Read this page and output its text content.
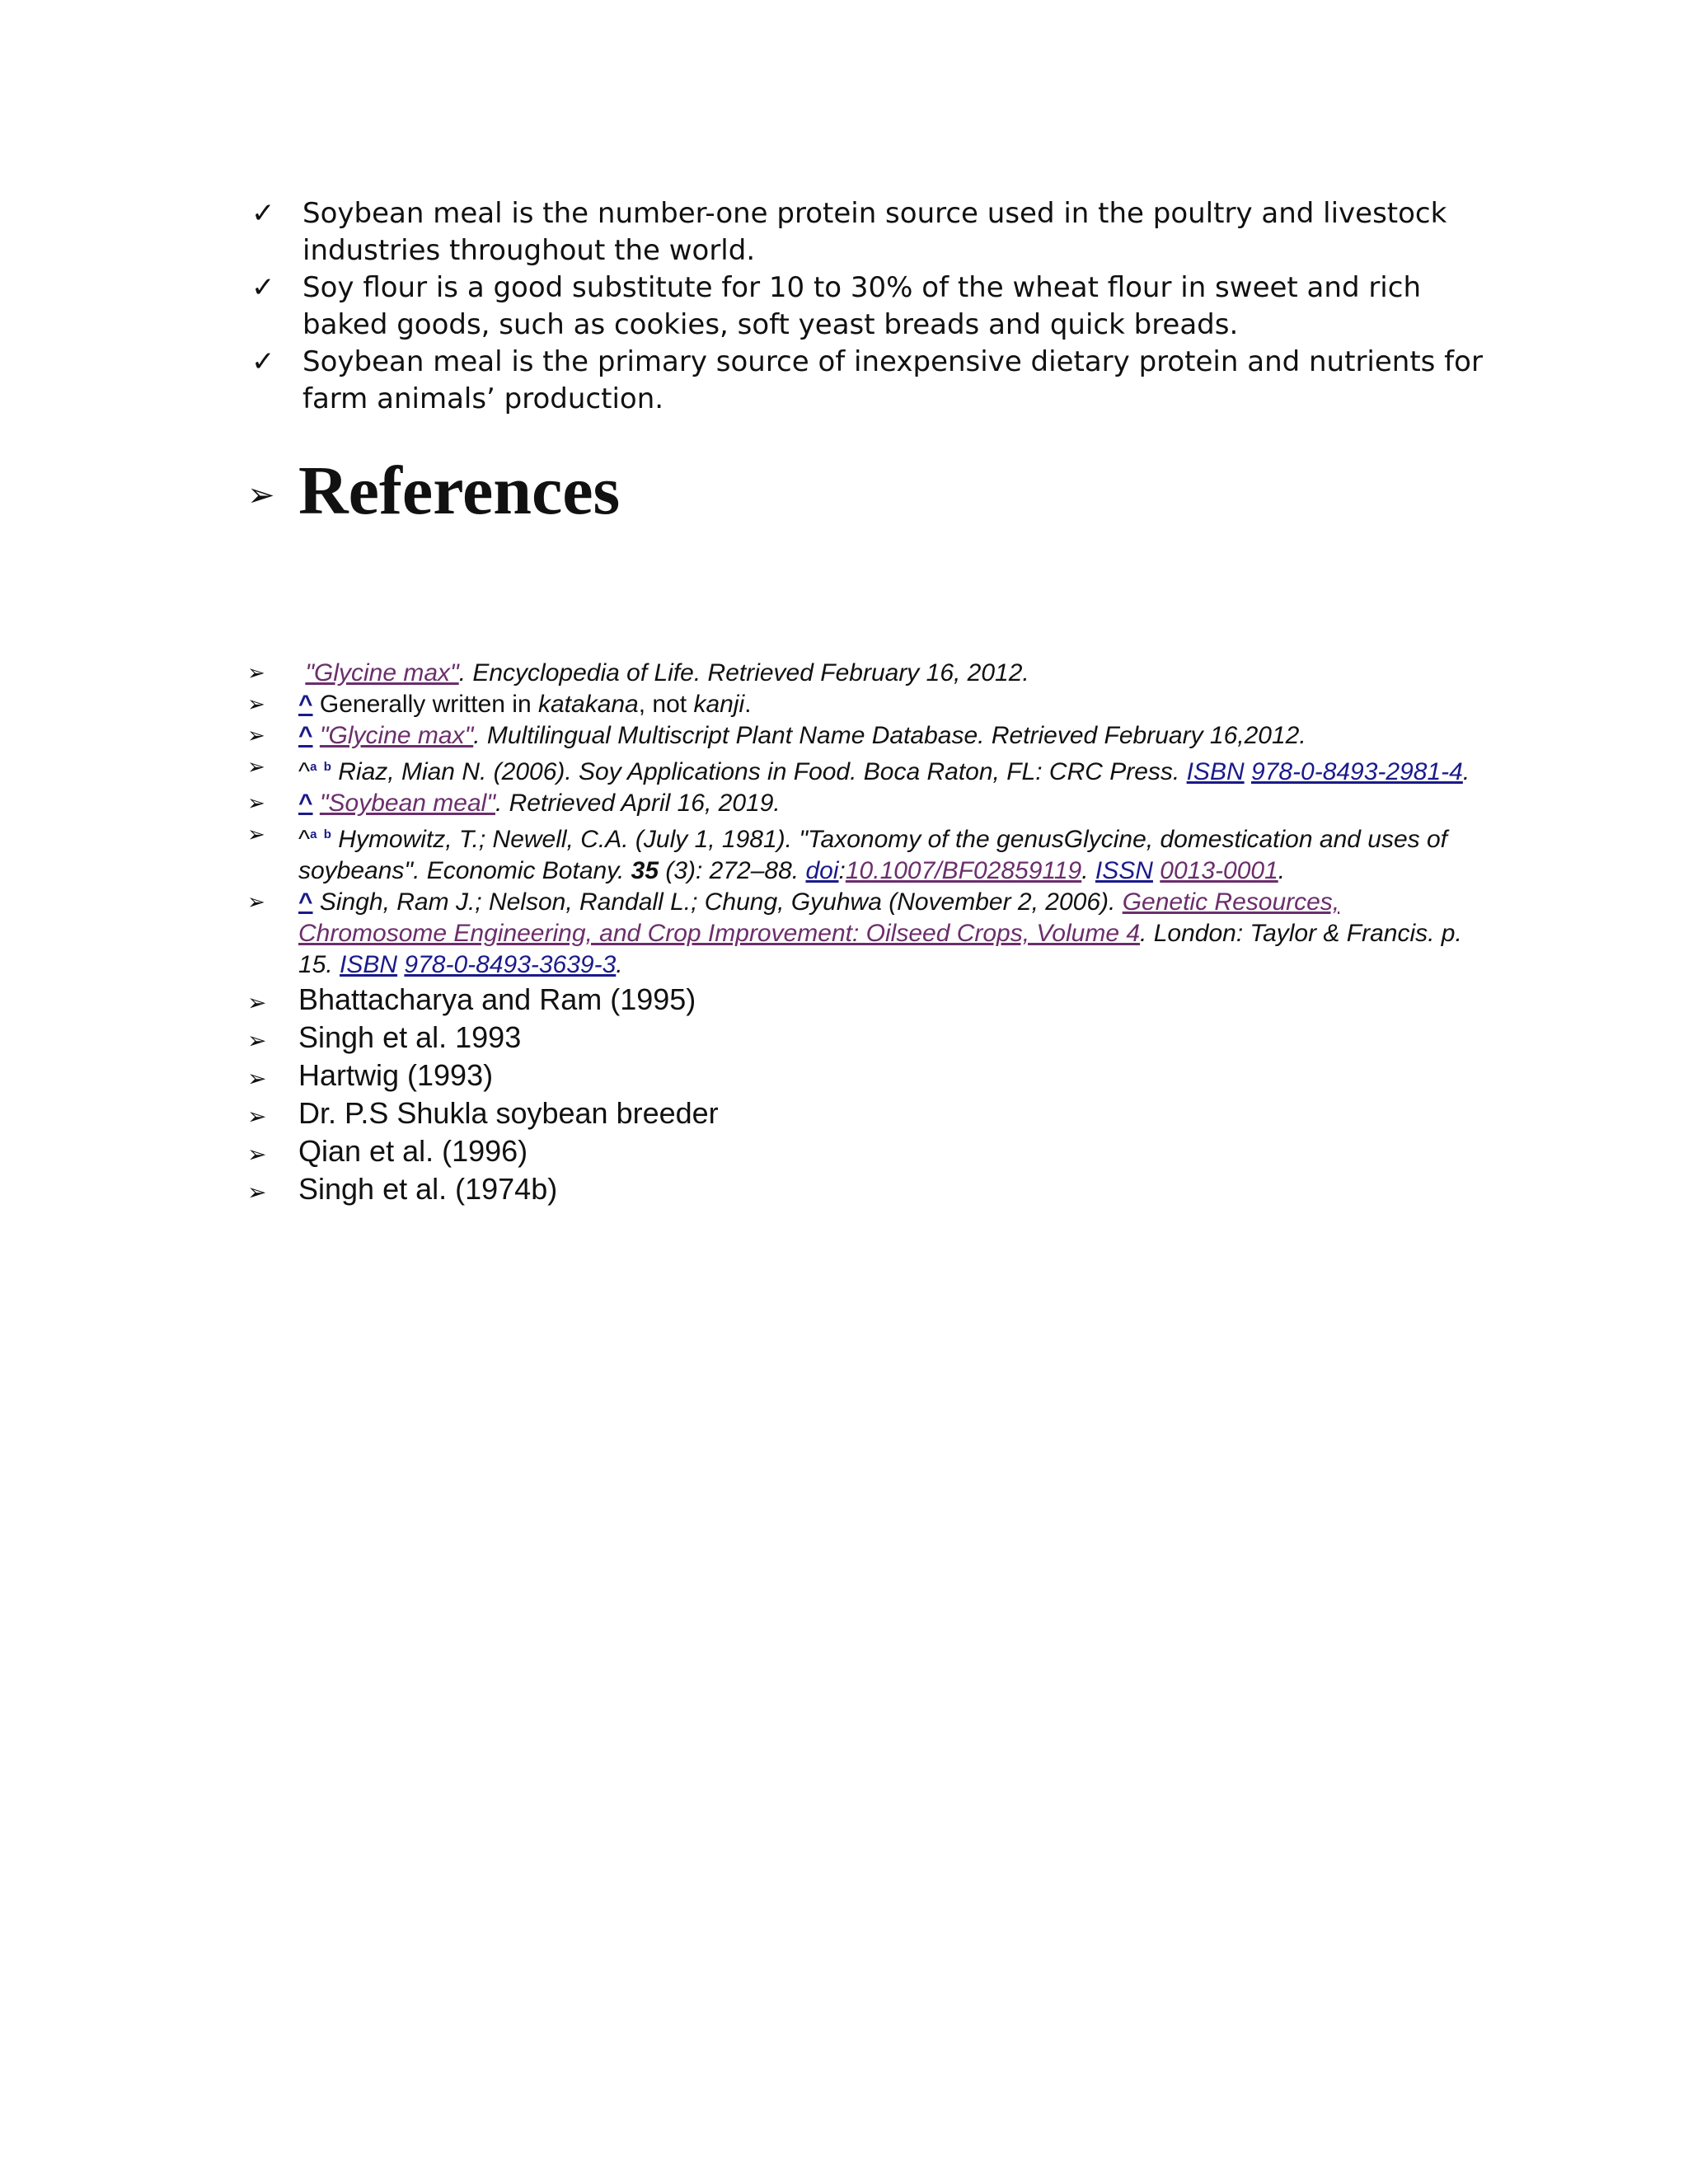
✓ Soybean meal is the number-one protein source used in the poultry and livestock industries throughout the world.
✓ Soy flour is a good substitute for 10 to 30% of the wheat flour in sweet and rich baked goods, such as cookies, soft yeast breads and quick breads.
✓ Soybean meal is the primary source of inexpensive dietary protein and nutrients for farm animals’ production.
➢ References
➢ "Glycine max". Encyclopedia of Life. Retrieved February 16, 2012.
➢ ^ Generally written in katakana, not kanji.
➢ ^ "Glycine max". Multilingual Multiscript Plant Name Database. Retrieved February 16,2012.
➢ ^$^a$ $^b$ Riaz, Mian N. (2006). Soy Applications in Food. Boca Raton, FL: CRC Press. ISBN 978-0-8493-2981-4.
➢ ^ "Soybean meal". Retrieved April 16, 2019.
➢ ^$^a$ $^b$ Hymowitz, T.; Newell, C.A. (July 1, 1981). "Taxonomy of the genusGlycine, domestication and uses of soybeans". Economic Botany. 35 (3): 272–88. doi:10.1007/BF02859119. ISSN 0013-0001.
➢ ^ Singh, Ram J.; Nelson, Randall L.; Chung, Gyuhwa (November 2, 2006). Genetic Resources, Chromosome Engineering, and Crop Improvement: Oilseed Crops, Volume 4. London: Taylor & Francis. p. 15. ISBN 978-0-8493-3639-3.
➢ Bhattacharya and Ram (1995)
➢ Singh et al. 1993
➢ Hartwig (1993)
➢ Dr. P.S Shukla soybean breeder
➢ Qian et al. (1996)
➢ Singh et al. (1974b)
